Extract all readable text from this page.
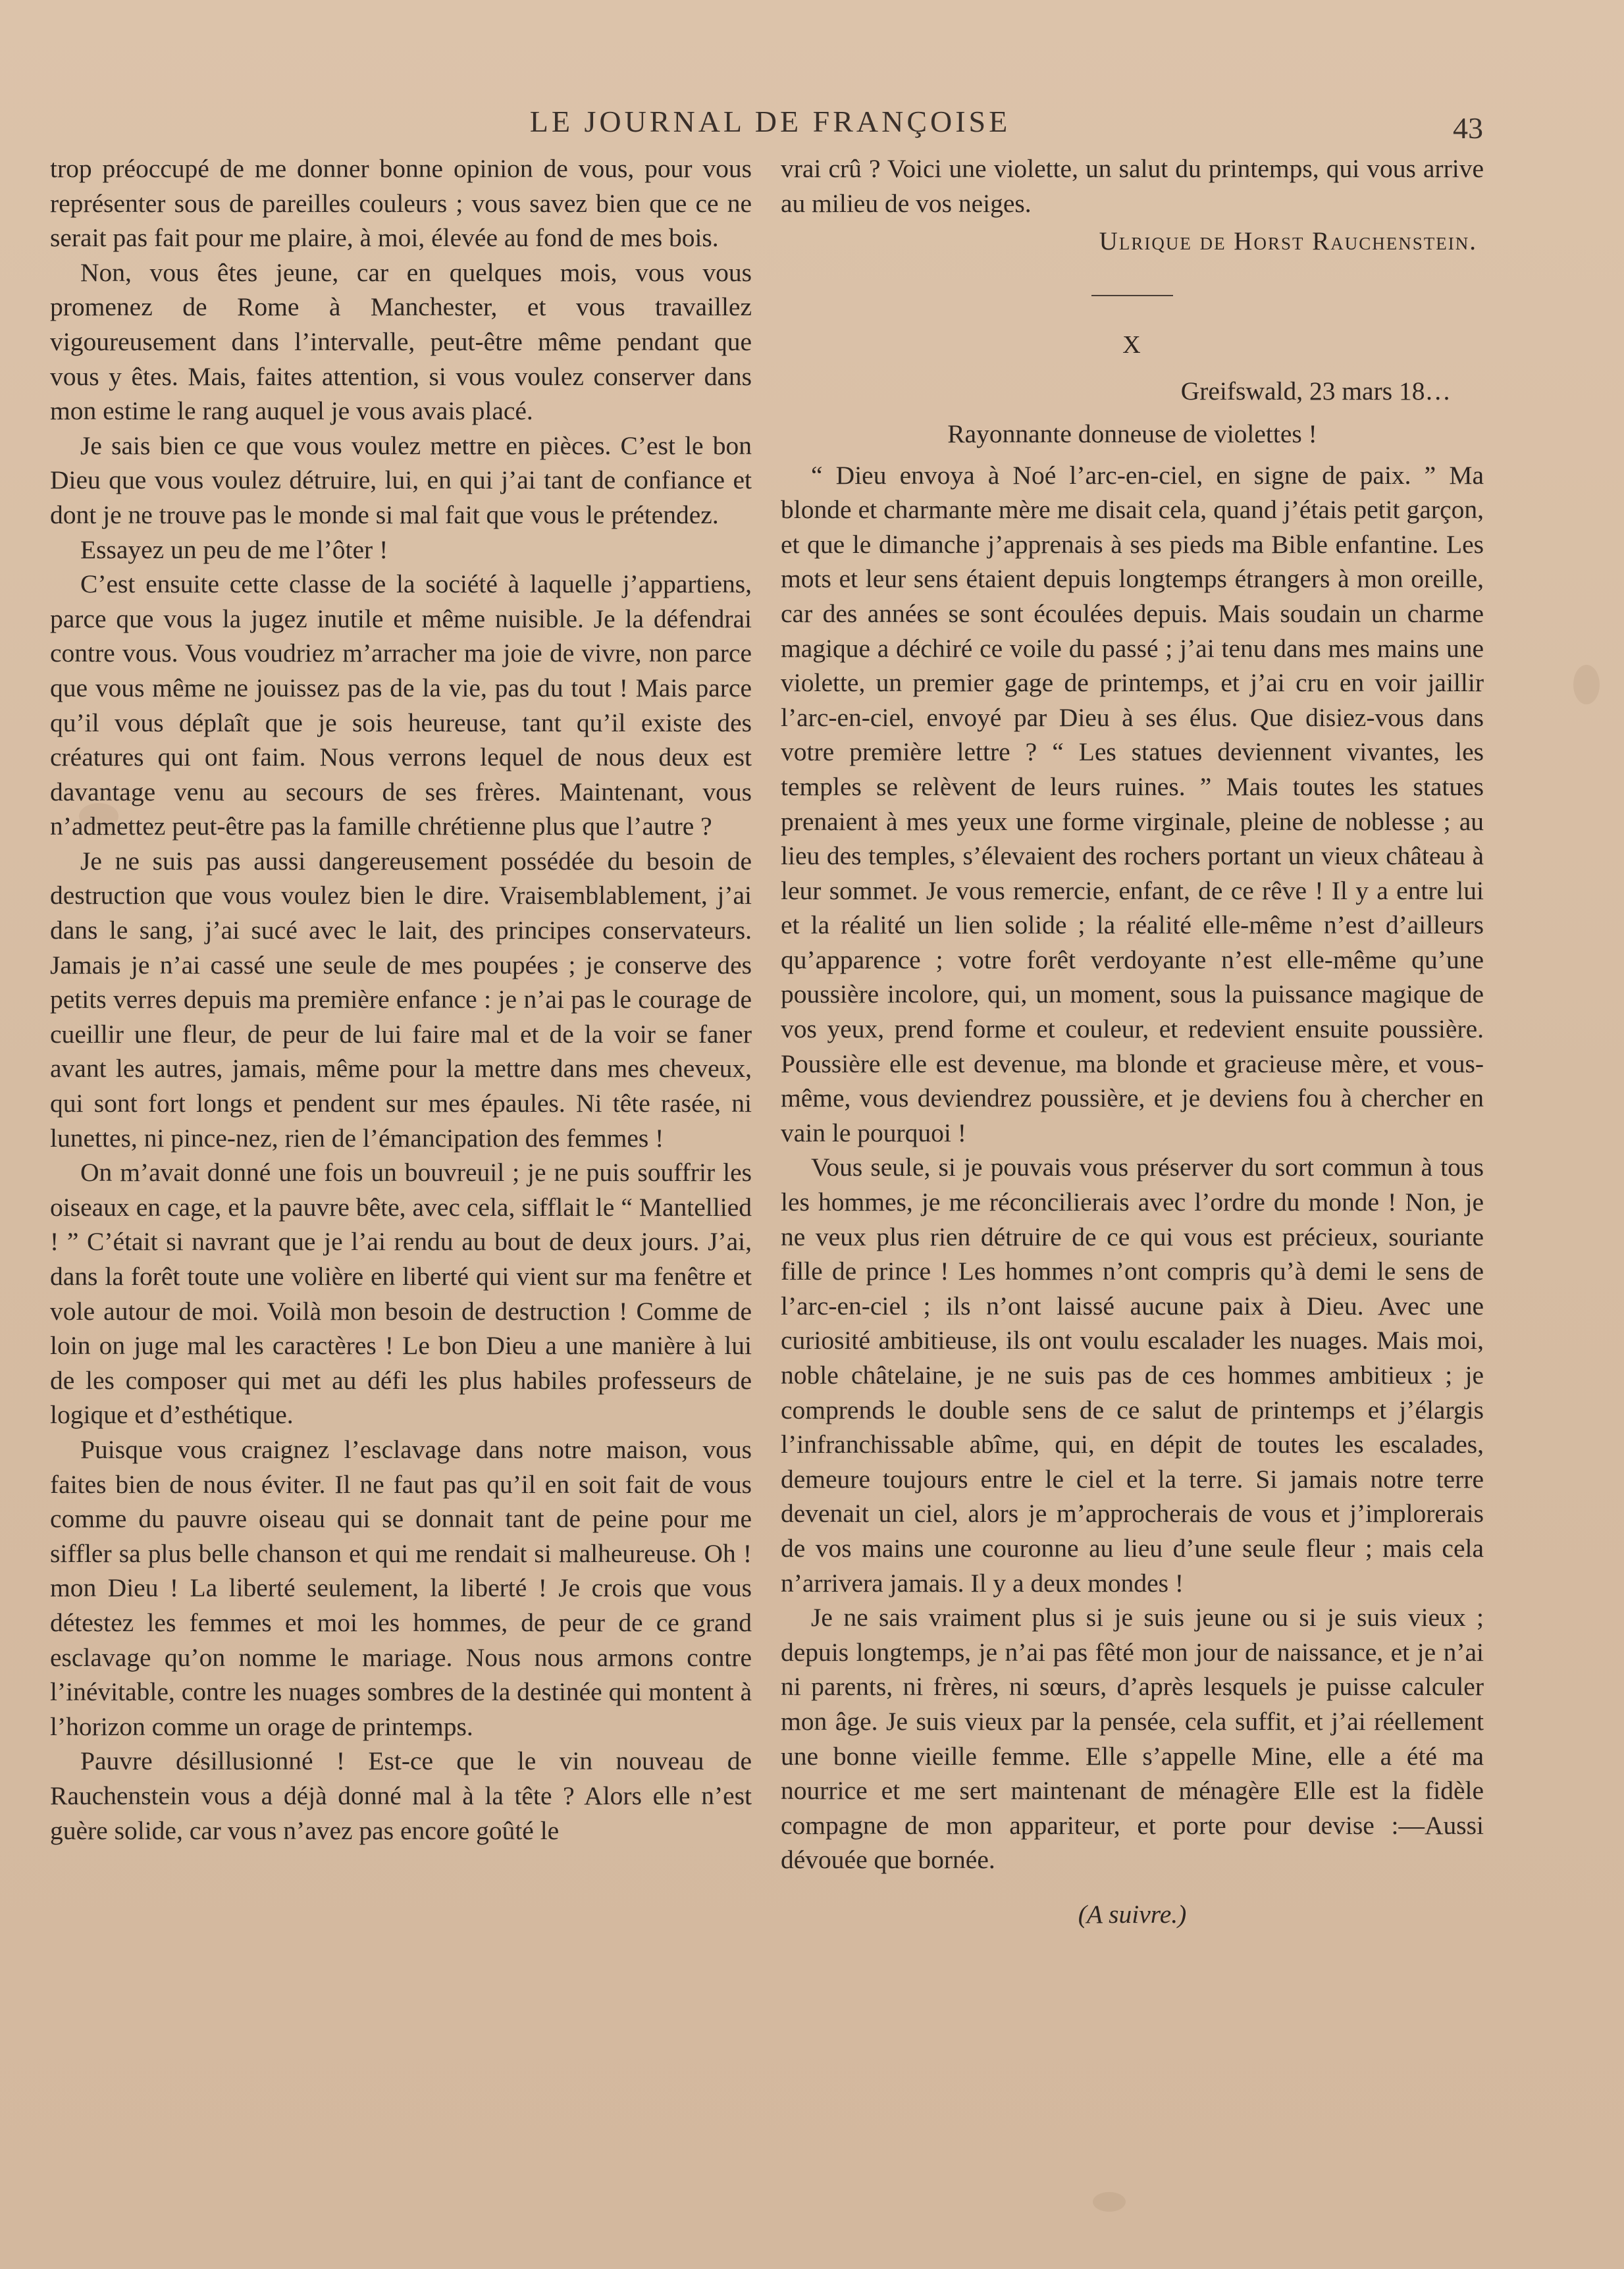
LE JOURNAL DE FRANÇOISE	43

trop préoccupé de me donner bonne opinion de vous, pour vous représenter sous de pareilles couleurs ; vous savez bien que ce ne serait pas fait pour me plaire, à moi, élevée au fond de mes bois.

Non, vous êtes jeune, car en quelques mois, vous vous promenez de Rome à Manchester, et vous travaillez vigoureusement dans l’intervalle, peut-être même pendant que vous y êtes. Mais, faites attention, si vous voulez conserver dans mon estime le rang auquel je vous avais placé.

Je sais bien ce que vous voulez mettre en pièces. C’est le bon Dieu que vous voulez détruire, lui, en qui j’ai tant de confiance et dont je ne trouve pas le monde si mal fait que vous le prétendez.

Essayez un peu de me l’ôter !

C’est ensuite cette classe de la société à laquelle j’appartiens, parce que vous la jugez inutile et même nuisible. Je la défendrai contre vous. Vous voudriez m’arracher ma joie de vivre, non parce que vous même ne jouissez pas de la vie, pas du tout ! Mais parce qu’il vous déplaît que je sois heureuse, tant qu’il existe des créatures qui ont faim. Nous verrons lequel de nous deux est davantage venu au secours de ses frères. Maintenant, vous n’admettez peut-être pas la famille chrétienne plus que l’autre ?

Je ne suis pas aussi dangereusement possédée du besoin de destruction que vous voulez bien le dire. Vraisemblablement, j’ai dans le sang, j’ai sucé avec le lait, des principes conservateurs. Jamais je n’ai cassé une seule de mes poupées ; je conserve des petits verres depuis ma première enfance : je n’ai pas le courage de cueillir une fleur, de peur de lui faire mal et de la voir se faner avant les autres, jamais, même pour la mettre dans mes cheveux, qui sont fort longs et pendent sur mes épaules. Ni tête rasée, ni lunettes, ni pince-nez, rien de l’émancipation des femmes !

On m’avait donné une fois un bouvreuil ; je ne puis souffrir les oiseaux en cage, et la pauvre bête, avec cela, sifflait le “ Mantellied ! ” C’était si navrant que je l’ai rendu au bout de deux jours. J’ai, dans la forêt toute une volière en liberté qui vient sur ma fenêtre et vole autour de moi. Voilà mon besoin de destruction ! Comme de loin on juge mal les caractères ! Le bon Dieu a une manière à lui de les composer qui met au défi les plus habiles professeurs de logique et d’esthétique.

Puisque vous craignez l’esclavage dans notre maison, vous faites bien de nous éviter. Il ne faut pas qu’il en soit fait de vous comme du pauvre oiseau qui se donnait tant de peine pour me siffler sa plus belle chanson et qui me rendait si malheureuse. Oh ! mon Dieu ! La liberté seulement, la liberté ! Je crois que vous détestez les femmes et moi les hommes, de peur de ce grand esclavage qu’on nomme le mariage. Nous nous armons contre l’inévitable, contre les nuages sombres de la destinée qui montent à l’horizon comme un orage de printemps.

Pauvre désillusionné ! Est-ce que le vin nouveau de Rauchenstein vous a déjà donné mal à la tête ? Alors elle n’est guère solide, car vous n’avez pas encore goûté le

vrai crû ? Voici une violette, un salut du printemps, qui vous arrive au milieu de vos neiges.

Ulrique de Horst Rauchenstein.
X
Greifswald, 23 mars 18…
Rayonnante donneuse de violettes !

“ Dieu envoya à Noé l’arc-en-ciel, en signe de paix. ” Ma blonde et charmante mère me disait cela, quand j’étais petit garçon, et que le dimanche j’apprenais à ses pieds ma Bible enfantine. Les mots et leur sens étaient depuis longtemps étrangers à mon oreille, car des années se sont écoulées depuis. Mais soudain un charme magique a déchiré ce voile du passé ; j’ai tenu dans mes mains une violette, un premier gage de printemps, et j’ai cru en voir jaillir l’arc-en-ciel, envoyé par Dieu à ses élus. Que disiez-vous dans votre première lettre ? “ Les statues deviennent vivantes, les temples se relèvent de leurs ruines. ” Mais toutes les statues prenaient à mes yeux une forme virginale, pleine de noblesse ; au lieu des temples, s’élevaient des rochers portant un vieux château à leur sommet. Je vous remercie, enfant, de ce rêve ! Il y a entre lui et la réalité un lien solide ; la réalité elle-même n’est d’ailleurs qu’apparence ; votre forêt verdoyante n’est elle-même qu’une poussière incolore, qui, un moment, sous la puissance magique de vos yeux, prend forme et couleur, et redevient ensuite poussière. Poussière elle est devenue, ma blonde et gracieuse mère, et vous-même, vous deviendrez poussière, et je deviens fou à chercher en vain le pourquoi !

Vous seule, si je pouvais vous préserver du sort commun à tous les hommes, je me réconcilierais avec l’ordre du monde ! Non, je ne veux plus rien détruire de ce qui vous est précieux, souriante fille de prince ! Les hommes n’ont compris qu’à demi le sens de l’arc-en-ciel ; ils n’ont laissé aucune paix à Dieu. Avec une curiosité ambitieuse, ils ont voulu escalader les nuages. Mais moi, noble châtelaine, je ne suis pas de ces hommes ambitieux ; je comprends le double sens de ce salut de printemps et j’élargis l’infranchissable abîme, qui, en dépit de toutes les escalades, demeure toujours entre le ciel et la terre. Si jamais notre terre devenait un ciel, alors je m’approcherais de vous et j’implorerais de vos mains une couronne au lieu d’une seule fleur ; mais cela n’arrivera jamais. Il y a deux mondes !

Je ne sais vraiment plus si je suis jeune ou si je suis vieux ; depuis longtemps, je n’ai pas fêté mon jour de naissance, et je n’ai ni parents, ni frères, ni sœurs, d’après lesquels je puisse calculer mon âge. Je suis vieux par la pensée, cela suffit, et j’ai réellement une bonne vieille femme. Elle s’appelle Mine, elle a été ma nourrice et me sert maintenant de ménagère Elle est la fidèle compagne de mon appariteur, et porte pour devise :—Aussi dévouée que bornée.

(A suivre.)
